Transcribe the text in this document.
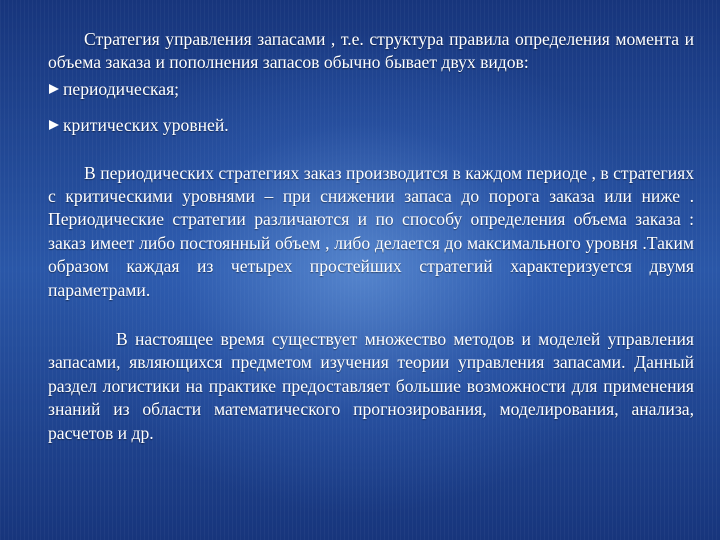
Стратегия управления запасами , т.е. структура правила определения момента и объема заказа и пополнения запасов обычно бывает двух видов:

периодическая;
критических уровней.

В периодических стратегиях заказ производится в каждом периоде , в стратегиях с критическими уровнями – при снижении запаса до порога заказа или ниже . Периодические стратегии различаются и по способу определения объема заказа : заказ имеет либо постоянный объем , либо делается до максимального уровня .Таким образом каждая из четырех простейших стратегий характеризуется двумя параметрами.

В настоящее время существует множество методов и моделей управления запасами, являющихся предметом изучения теории управления запасами. Данный раздел логистики на практике предоставляет большие возможности для применения знаний из области математического прогнозирования, моделирования, анализа, расчетов и др.
